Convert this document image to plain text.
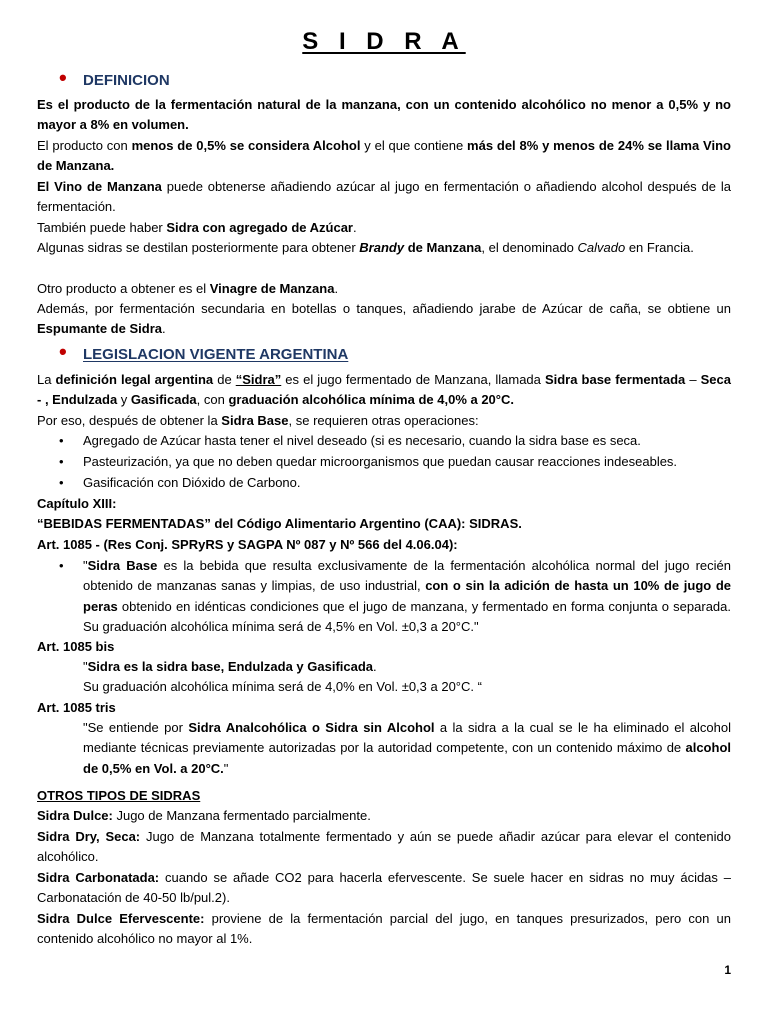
S I D R A
• DEFINICION
Es el producto de la fermentación natural de la manzana, con un contenido alcohólico no menor a 0,5% y no mayor a 8% en volumen.
El producto con menos de 0,5% se considera Alcohol y el que contiene más del 8% y menos de 24% se llama Vino de Manzana.
El Vino de Manzana puede obtenerse añadiendo azúcar al jugo en fermentación o añadiendo alcohol después de la fermentación.
También puede haber Sidra con agregado de Azúcar.
Algunas sidras se destilan posteriormente para obtener Brandy de Manzana, el denominado Calvado en Francia.
Otro producto a obtener es el Vinagre de Manzana.
Además, por fermentación secundaria en botellas o tanques, añadiendo jarabe de Azúcar de caña, se obtiene un Espumante de Sidra.
• LEGISLACION VIGENTE ARGENTINA
La definición legal argentina de “Sidra” es el jugo fermentado de Manzana, llamada Sidra base fermentada – Seca - , Endulzada y Gasificada, con graduación alcohólica mínima de 4,0% a 20°C.
Por eso, después de obtener la Sidra Base, se requieren otras operaciones:
• Agregado de Azúcar hasta tener el nivel deseado (si es necesario, cuando la sidra base es seca.
• Pasteurización, ya que no deben quedar microorganismos que puedan causar reacciones indeseables.
• Gasificación con Dióxido de Carbono.
Capítulo XIII:
“BEBIDAS FERMENTADAS” del Código Alimentario Argentino (CAA): SIDRAS.
Art. 1085 - (Res Conj. SPRyRS y SAGPA Nº 087 y Nº 566 del 4.06.04):
•	"Sidra Base es la bebida que resulta exclusivamente de la fermentación alcohólica normal del jugo recién obtenido de manzanas sanas y limpias, de uso industrial, con o sin la adición de hasta un 10% de jugo de peras obtenido en idénticas condiciones que el jugo de manzana, y fermentado en forma conjunta o separada. Su graduación alcohólica mínima será de 4,5% en Vol. ±0,3 a 20°C."
Art. 1085 bis
"Sidra es la sidra base, Endulzada y Gasificada.
Su graduación alcohólica mínima será de 4,0% en Vol. ±0,3 a 20°C. “
Art. 1085 tris
"Se entiende por Sidra Analcohólica o Sidra sin Alcohol a la sidra a la cual se le ha eliminado el alcohol mediante técnicas previamente autorizadas por la autoridad competente, con un contenido máximo de alcohol de 0,5% en Vol. a 20°C."
OTROS TIPOS DE SIDRAS
Sidra Dulce: Jugo de Manzana fermentado parcialmente.
Sidra Dry, Seca: Jugo de Manzana totalmente fermentado y aún se puede añadir azúcar para elevar el contenido alcohólico.
Sidra Carbonatada: cuando se añade CO2 para hacerla efervescente. Se suele hacer en sidras no muy ácidas – Carbonatación de 40-50 lb/pul.2).
Sidra Dulce Efervescente: proviene de la fermentación parcial del jugo, en tanques presurizados, pero con un contenido alcohólico no mayor al 1%.
1
